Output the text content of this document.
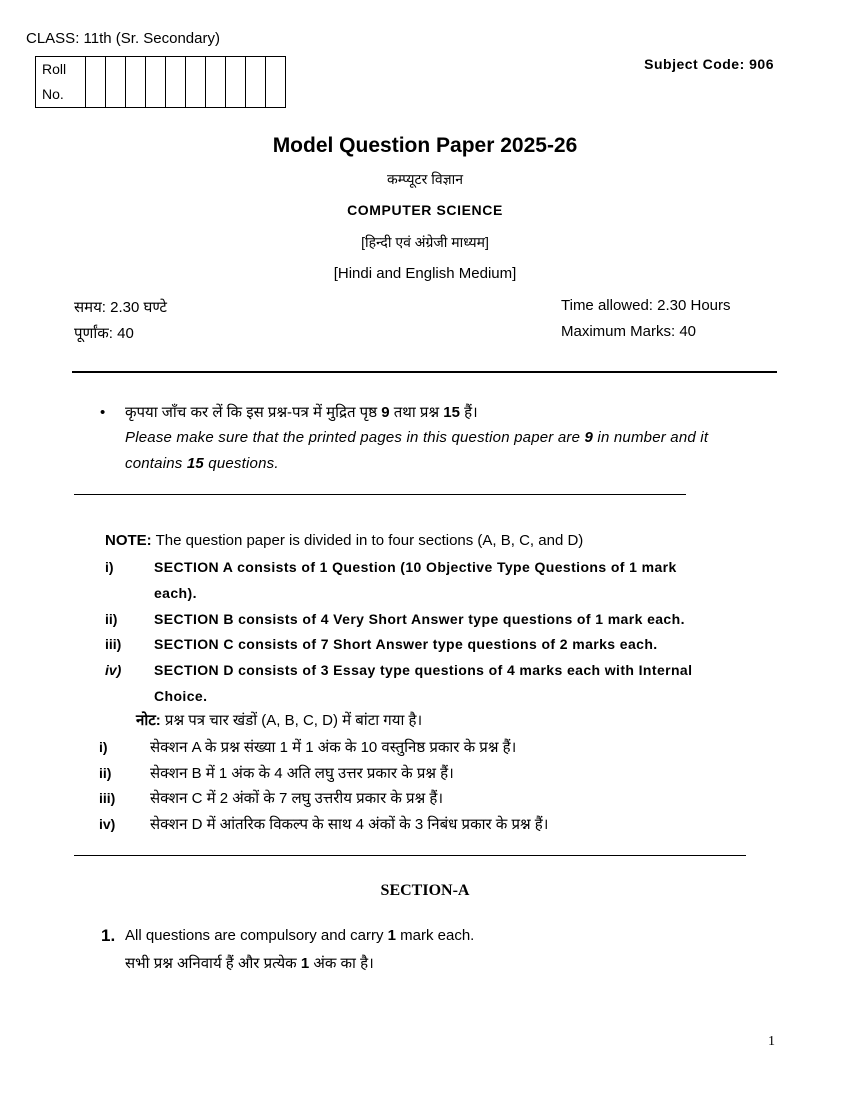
CLASS: 11th (Sr. Secondary)
Roll
No.

Subject Code: 906
Model Question Paper 2025-26
कम्प्यूटर विज्ञान
COMPUTER SCIENCE
[हिन्दी एवं अंग्रेजी माध्यम]
[Hindi and English Medium]
समय: 2.30 घण्टे
पूर्णांक: 40
Time allowed: 2.30 Hours
Maximum Marks: 40
• कृपया जाँच कर लें कि इस प्रश्न-पत्र में मुद्रित पृष्ठ 9 तथा प्रश्न 15 हैं।
Please make sure that the printed pages in this question paper are 9 in number and it
contains 15 questions.
NOTE: The question paper is divided in to four sections (A, B, C, and D)
i)	SECTION A consists of 1 Question (10 Objective Type Questions of 1 mark
each).
ii)	SECTION B consists of 4 Very Short Answer type questions of 1 mark each.
iii) SECTION C consists of 7 Short Answer type questions of 2 marks each.
iv) SECTION D consists of 3 Essay type questions of 4 marks each with Internal
Choice.
नोट: प्रश्न पत्र चार खंडों (A, B, C, D) में बांटा गया है।
i)	सेक्शन A के प्रश्न संख्या 1 में 1 अंक के 10 वस्तुनिष्ठ प्रकार के प्रश्न हैं।
ii)	सेक्शन B में 1 अंक के 4 अति लघु उत्तर प्रकार के प्रश्न हैं।
iii) सेक्शन C में 2 अंकों के 7 लघु उत्तरीय प्रकार के प्रश्न हैं।
iv) सेक्शन D में आंतरिक विकल्प के साथ 4 अंकों के 3 निबंध प्रकार के प्रश्न हैं।
SECTION-A
1. All questions are compulsory and carry 1 mark each.
सभी प्रश्न अनिवार्य हैं और प्रत्येक 1 अंक का है।
1
